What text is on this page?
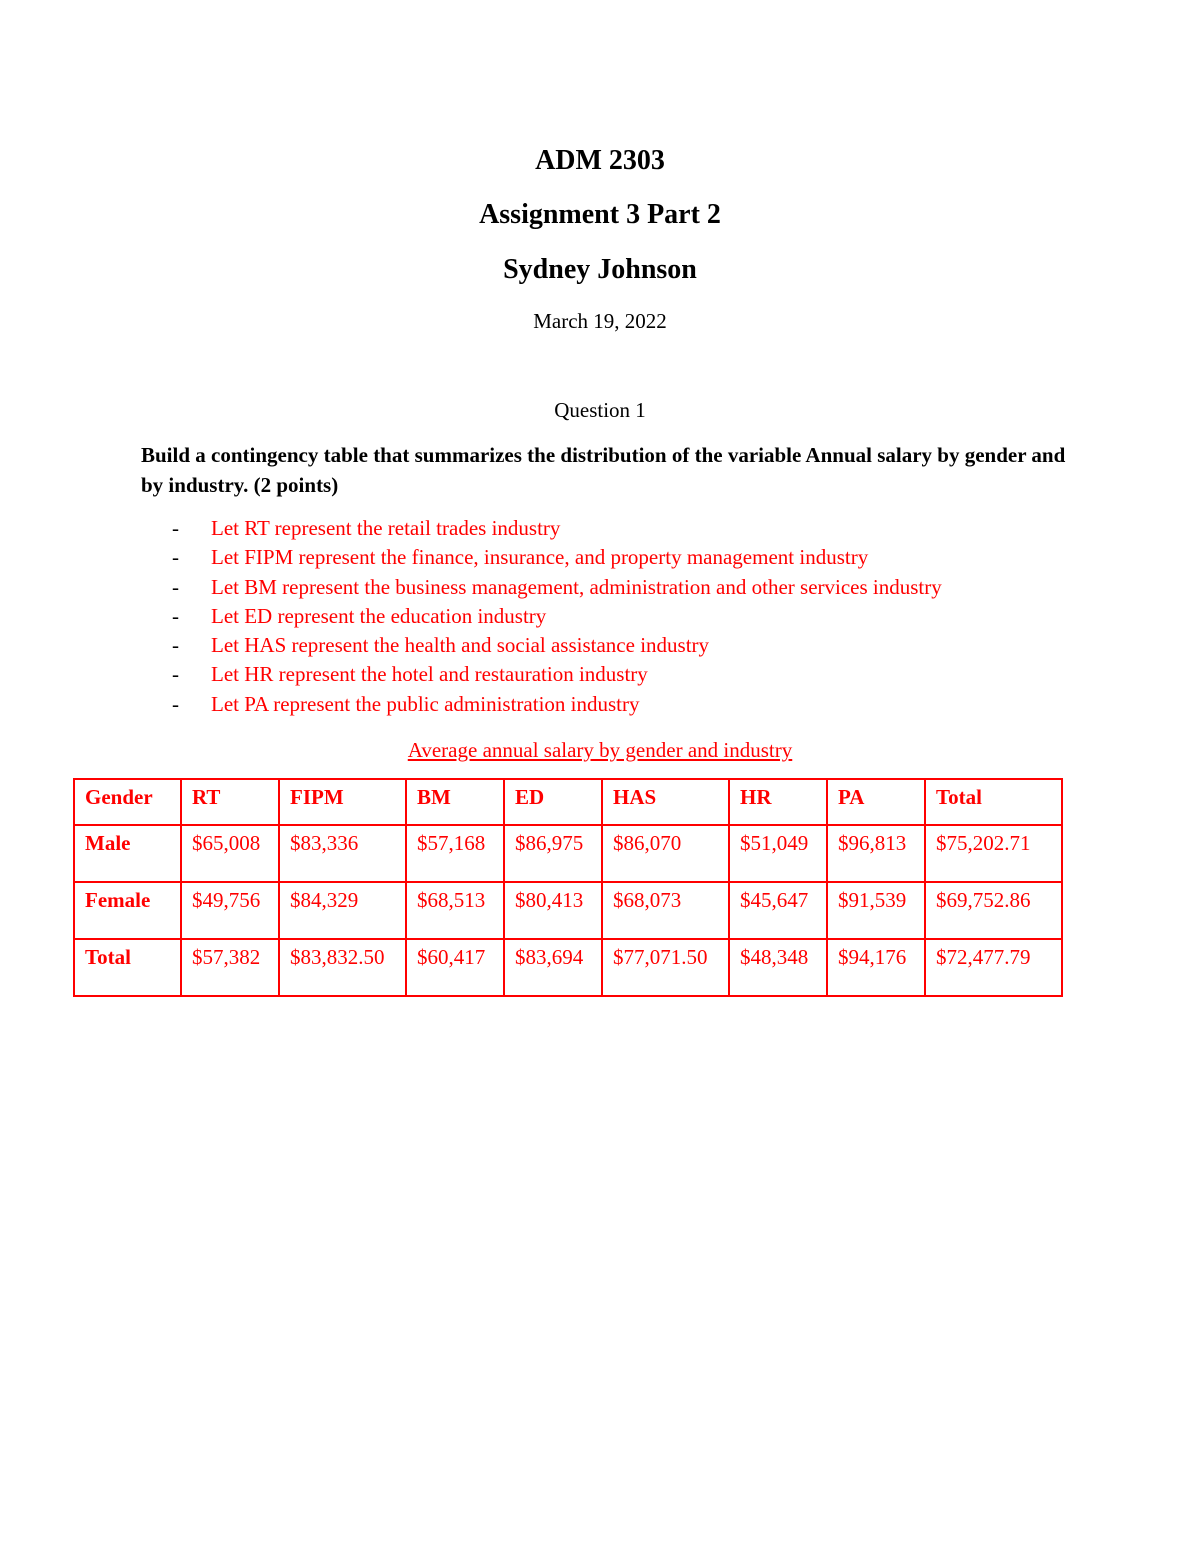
ADM 2303
Assignment 3 Part 2
Sydney Johnson
March 19, 2022
Question 1
Build a contingency table that summarizes the distribution of the variable Annual salary by gender and by industry. (2 points)
- Let RT represent the retail trades industry
- Let FIPM represent the finance, insurance, and property management industry
- Let BM represent the business management, administration and other services industry
- Let ED represent the education industry
- Let HAS represent the health and social assistance industry
- Let HR represent the hotel and restauration industry
- Let PA represent the public administration industry
Average annual salary by gender and industry
Gender	RT	FIPM	BM	ED	HAS	HR	PA	Total
Male	$65,008	$83,336	$57,168	$86,975	$86,070	$51,049	$96,813	$75,202.71
Female	$49,756	$84,329	$68,513	$80,413	$68,073	$45,647	$91,539	$69,752.86
Total	$57,382	$83,832.50	$60,417	$83,694	$77,071.50	$48,348	$94,176	$72,477.79
